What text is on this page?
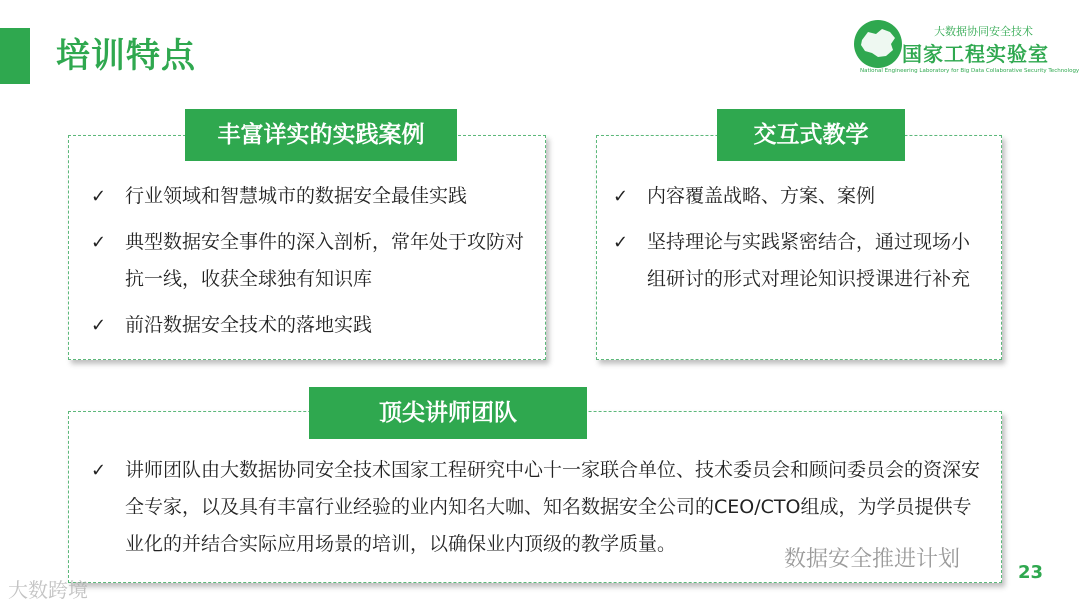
培训特点
大数据协同安全技术
国家工程实验室
National Engineering Laboratory for Big Data Collaborative Security Technology
丰富详实的实践案例
✓ 行业领域和智慧城市的数据安全最佳实践
✓ 典型数据安全事件的深入剖析，常年处于攻防对抗一线，收获全球独有知识库
✓ 前沿数据安全技术的落地实践
交互式教学
✓ 内容覆盖战略、方案、案例
✓ 坚持理论与实践紧密结合，通过现场小组研讨的形式对理论知识授课进行补充
顶尖讲师团队
✓ 讲师团队由大数据协同安全技术国家工程研究中心十一家联合单位、技术委员会和顾问委员会的资深安全专家，以及具有丰富行业经验的业内知名大咖、知名数据安全公司的CEO/CTO组成，为学员提供专业化的并结合实际应用场景的培训，以确保业内顶级的教学质量。
数据安全推进计划
大数跨境
23
